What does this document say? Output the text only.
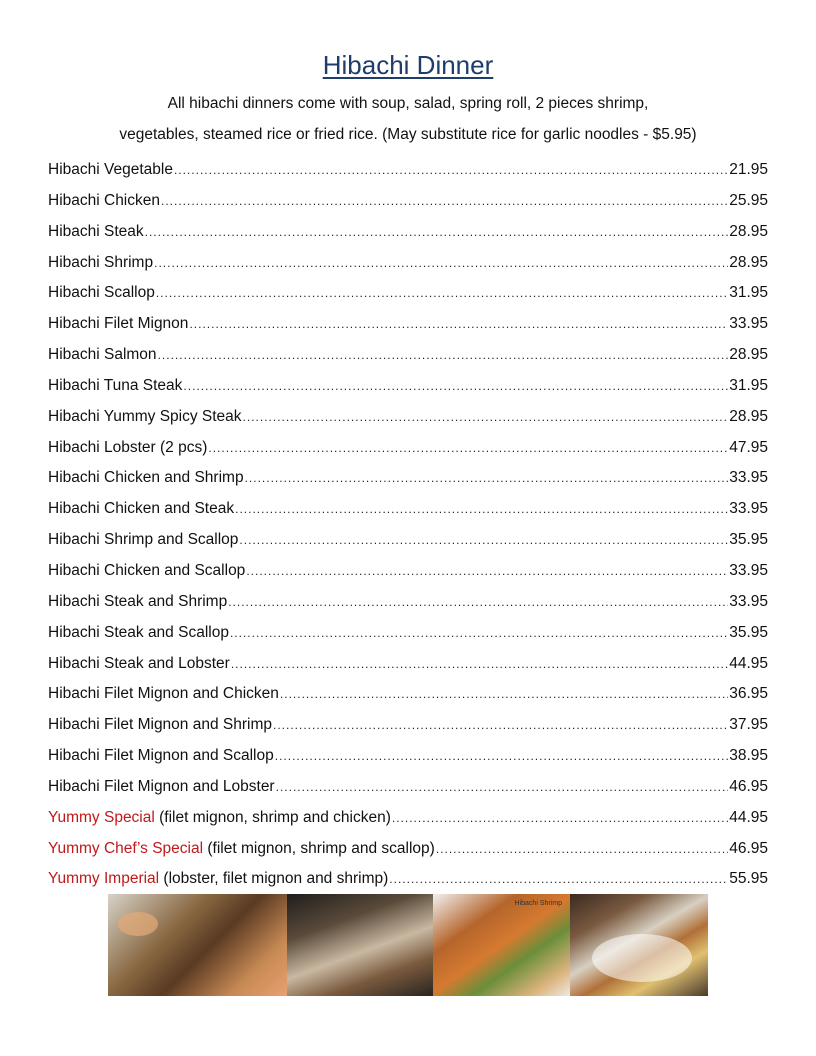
Hibachi Dinner
All hibachi dinners come with soup, salad, spring roll, 2 pieces shrimp,
vegetables, steamed rice or fried rice. (May substitute rice for garlic noodles - $5.95)
Hibachi Vegetable .....	21.95
Hibachi Chicken .....	25.95
Hibachi Steak .....	28.95
Hibachi Shrimp .....	28.95
Hibachi Scallop .....	31.95
Hibachi Filet Mignon .....	33.95
Hibachi Salmon .....	28.95
Hibachi Tuna Steak .....	31.95
Hibachi Yummy Spicy Steak .....	28.95
Hibachi Lobster (2 pcs) .....	47.95
Hibachi Chicken and Shrimp .....	33.95
Hibachi Chicken and Steak .....	33.95
Hibachi Shrimp and Scallop .....	35.95
Hibachi Chicken and Scallop .....	33.95
Hibachi Steak and Shrimp .....	33.95
Hibachi Steak and Scallop .....	35.95
Hibachi Steak and Lobster .....	44.95
Hibachi Filet Mignon and Chicken .....	36.95
Hibachi Filet Mignon and Shrimp .....	37.95
Hibachi Filet Mignon and Scallop .....	38.95
Hibachi Filet Mignon and Lobster .....	46.95
Yummy Special (filet mignon, shrimp and chicken) .....	44.95
Yummy Chef’s Special (filet mignon, shrimp and scallop) .....	46.95
Yummy Imperial (lobster, filet mignon and shrimp) .....	55.95
Hibachi Shrimp
